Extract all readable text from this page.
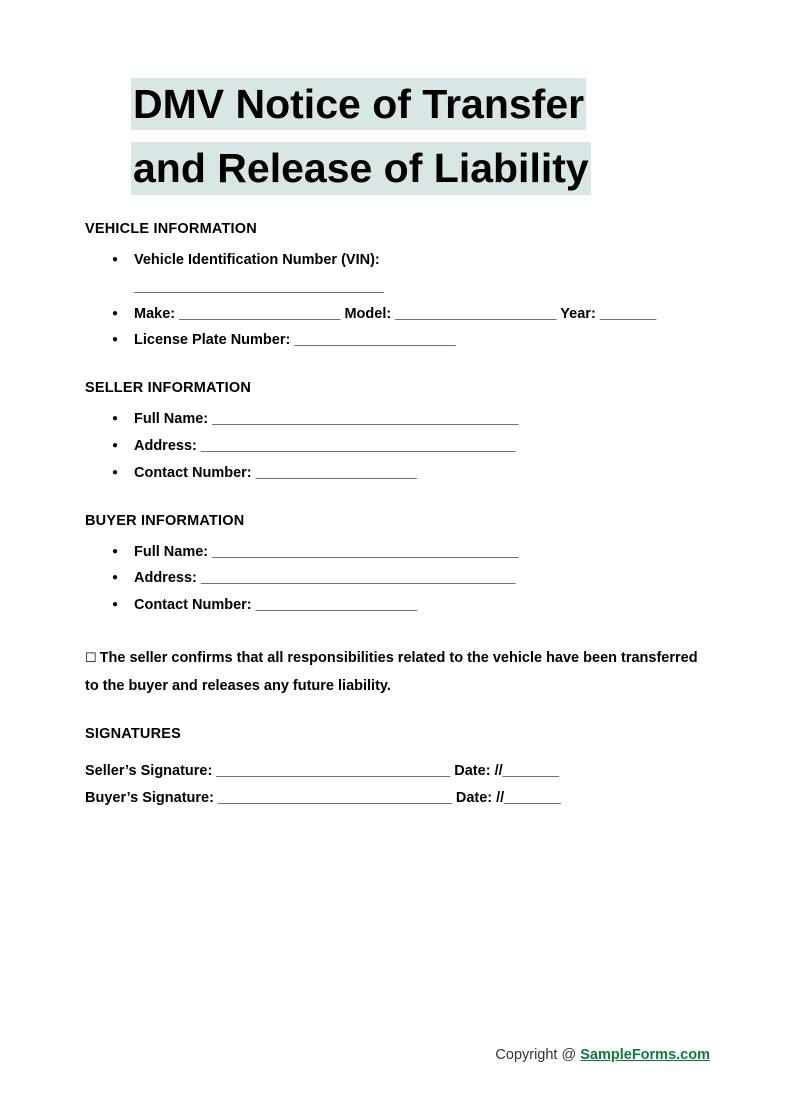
DMV Notice of Transfer and Release of Liability
VEHICLE INFORMATION
● Vehicle Identification Number (VIN):
_______________________________
● Make: ____________________ Model: ____________________ Year: _______
● License Plate Number: ____________________
SELLER INFORMATION
● Full Name: ______________________________________
● Address: _______________________________________
● Contact Number: ____________________
BUYER INFORMATION
● Full Name: ______________________________________
● Address: _______________________________________
● Contact Number: ____________________
☐ The seller confirms that all responsibilities related to the vehicle have been transferred to the buyer and releases any future liability.
SIGNATURES
Seller’s Signature: _____________________________ Date: //_______
Buyer’s Signature: _____________________________ Date: //_______
Copyright @ SampleForms.com
